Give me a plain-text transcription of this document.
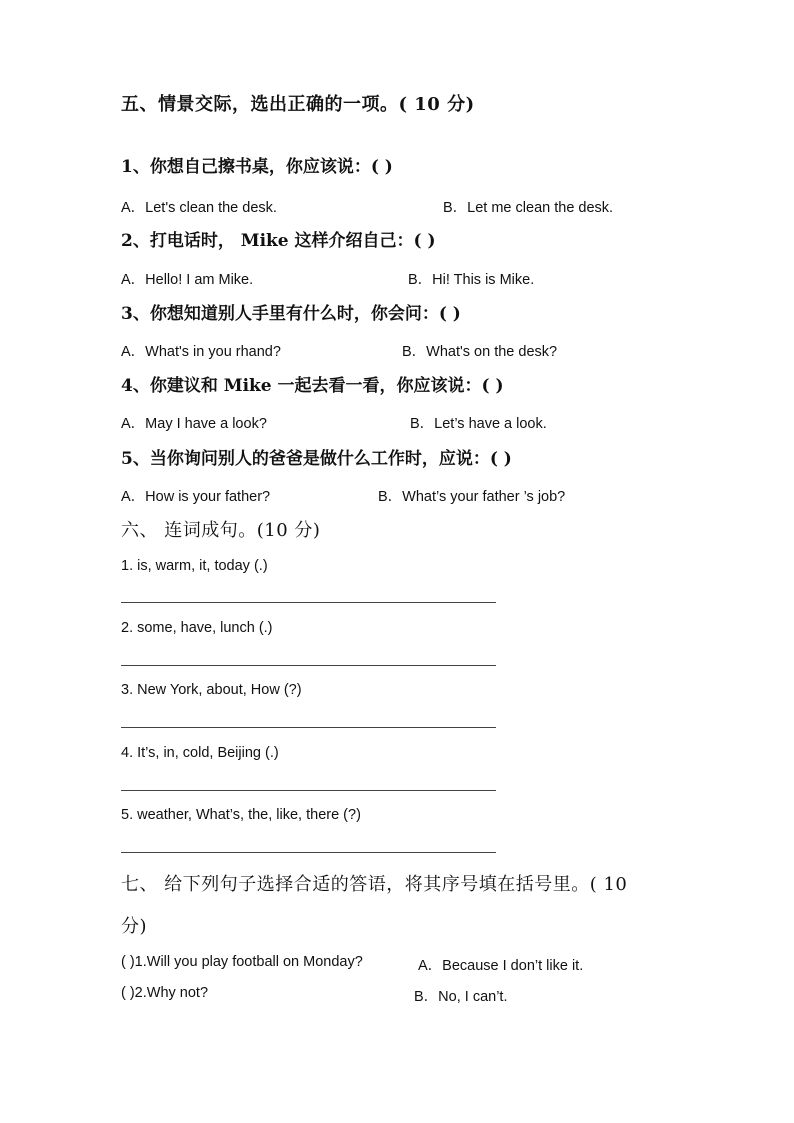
五、情景交际，选出正确的一项。( 10 分)
1、你想自己擦书桌，你应该说：( )
A．Let's clean the desk.	B．Let me clean the desk.
2、打电话时， Mike 这样介绍自己：( )
A．Hello! I am Mike.	B．Hi! This is Mike.
3、你想知道别人手里有什么时，你会问：( )
A．What's in you rhand?	B．What's on the desk?
4、你建议和 Mike 一起去看一看，你应该说：( )
A．May I have a look?	B．Let’s have a look.
5、当你询问别人的爸爸是做什么工作时，应说：( )
A．How is your father?	B．What’s your father ’s job?
六、 连词成句。(10 分)
1. is, warm, it, today (.)
2. some, have, lunch (.)
3. New York, about, How (?)
4. It’s, in, cold, Beijing (.)
5. weather, What’s, the, like, there (?)
七、 给下列句子选择合适的答语，将其序号填在括号里。( 10
分)
( )1.Will you play football on Monday?	A．Because I don’t like it.
( )2.Why not?	B．No, I can’t.
